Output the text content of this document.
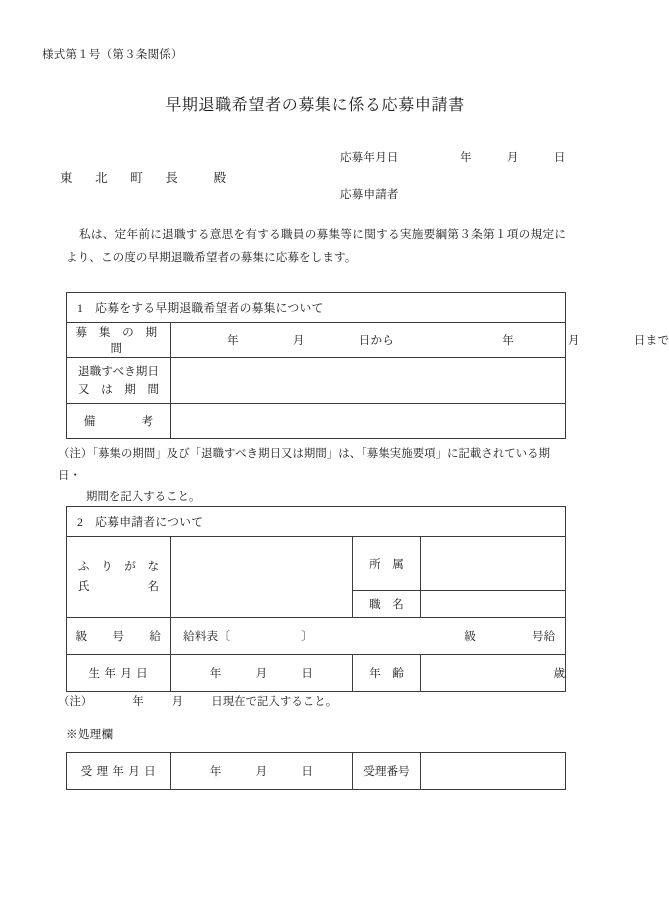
様式第１号（第３条関係）
早期退職希望者の募集に係る応募申請書
応募年月日	年　　　月　　　日
応募申請者
東 北 町 長 殿
私は、定年前に退職する意思を有する職員の募集等に関する実施要綱第３条第１項の規定により、この度の早期退職希望者の募集に応募をします。
1　応募をする早期退職希望者の募集について	
募 集 の 期 間	年 月 日から 年 月 日まで

退職すべき期日
又　は　期　間	

備　　　　考	
（注）「募集の期間」及び「退職すべき期日又は期間」は、「募集実施要項」に記載されている期日・
期間を記入すること。
2　応募申請者について			

ふ　り　が　な
氏　　　　　名		所　属	
		職　名	
級　　号　　給	給料表〔　　　　　　〕 級 号給		

生 年 月 日	年 月 日	年　齢	歳
（注）	年 月 日現在で記入すること。
※処理欄
受 理 年 月 日	年	月	日	受理番号	
